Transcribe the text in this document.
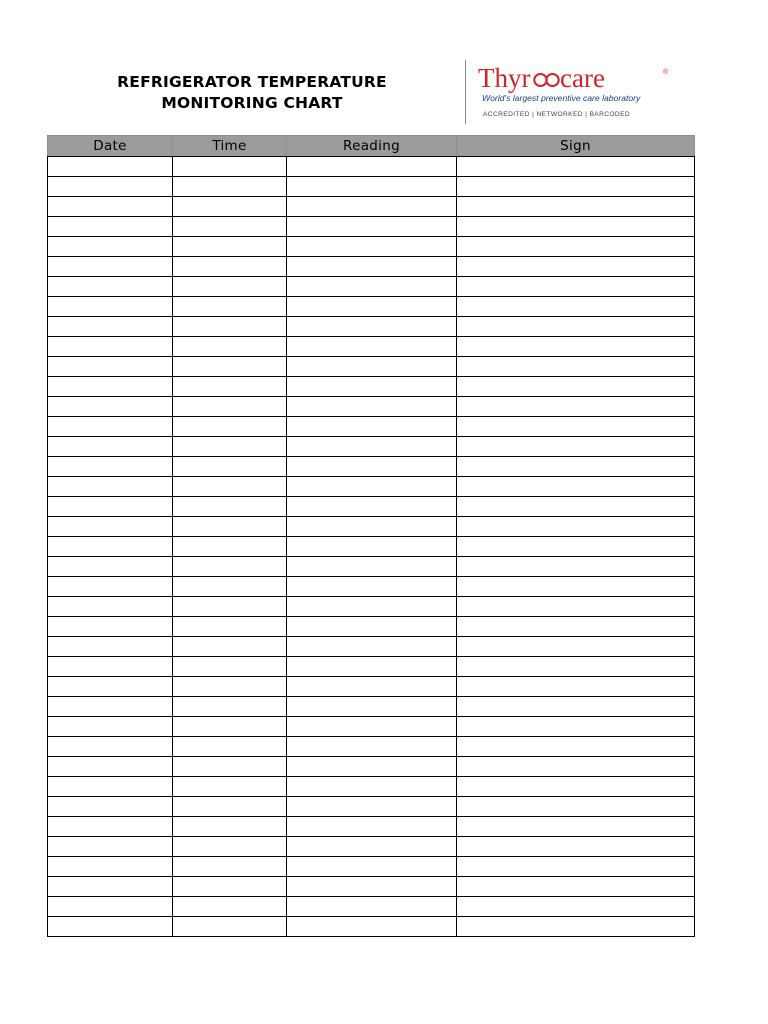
REFRIGERATOR TEMPERATURE
MONITORING CHART
Thyr care	®
World's largest preventive care laboratory
ACCREDITED | NETWORKED | BARCODED
Date	Time	Reading	Sign
